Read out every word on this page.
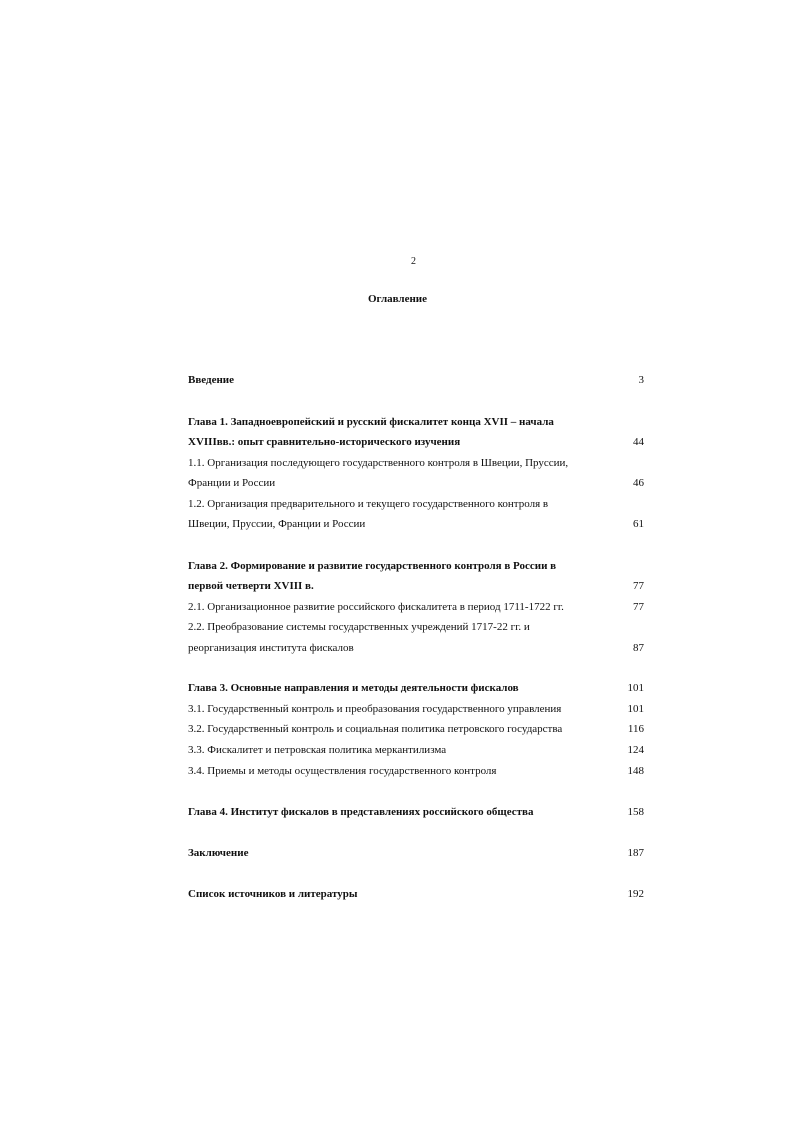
2
Оглавление
Введение	3
Глава 1. Западноевропейский и русский фискалитет конца XVII – начала
XVIIIвв.: опыт сравнительно-исторического изучения	44
1.1. Организация последующего государственного контроля в Швеции, Пруссии,
Франции и России	46
1.2. Организация предварительного и текущего государственного контроля в
Швеции, Пруссии, Франции и России	61
Глава 2. Формирование и развитие государственного контроля в России в
первой четверти XVIII в.	77
2.1. Организационное развитие российского фискалитета в период 1711-1722 гг.	77
2.2. Преобразование системы государственных учреждений 1717-22 гг. и
реорганизация института фискалов	87
Глава 3. Основные направления и методы деятельности фискалов	101
3.1. Государственный контроль и преобразования государственного управления	101
3.2. Государственный контроль и социальная политика петровского государства	116
3.3. Фискалитет и петровская политика меркантилизма	124
3.4. Приемы и методы осуществления государственного контроля	148
Глава 4. Институт фискалов в представлениях российского общества	158
Заключение	187
Список источников и литературы	192
